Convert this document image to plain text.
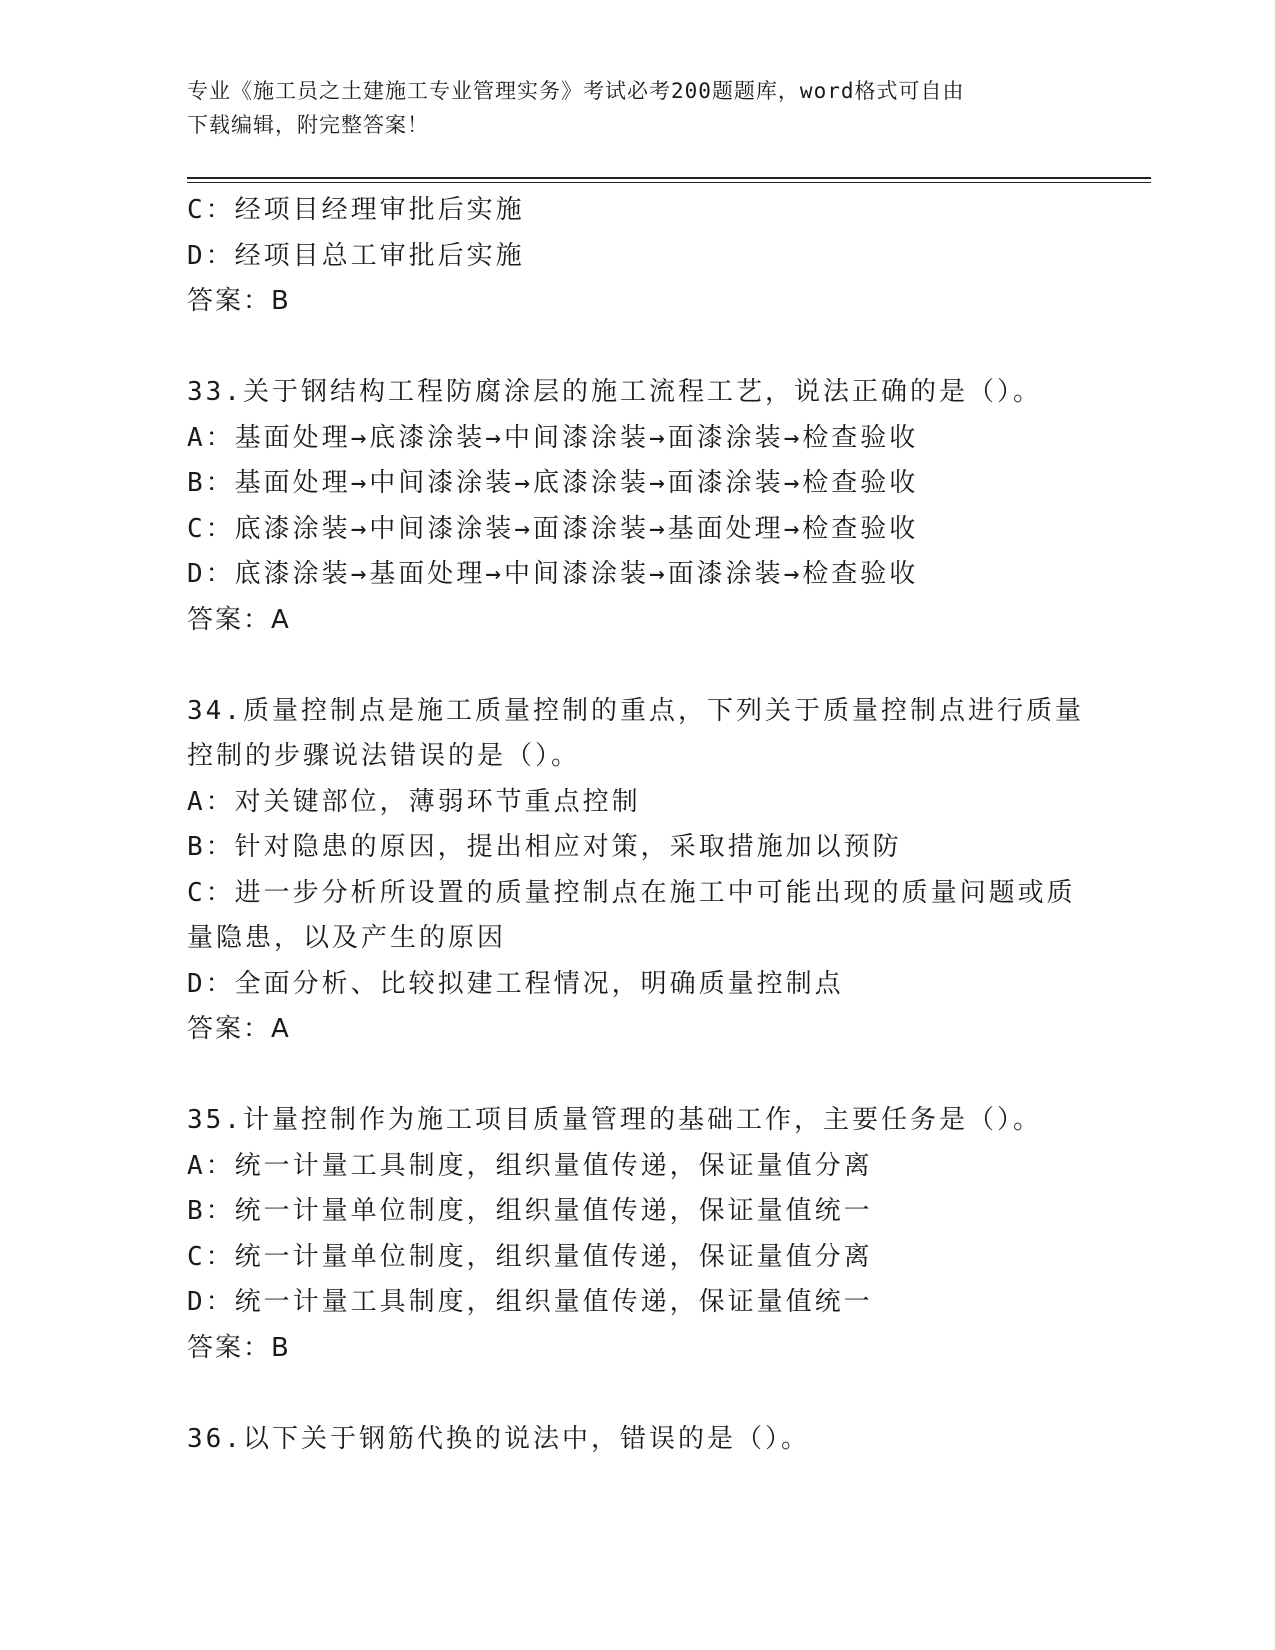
专业《施工员之土建施工专业管理实务》考试必考200题题库，word格式可自由
下载编辑，附完整答案！
C：经项目经理审批后实施
D：经项目总工审批后实施
答案：B
33.关于钢结构工程防腐涂层的施工流程工艺，说法正确的是（）。
A：基面处理→底漆涂装→中间漆涂装→面漆涂装→检查验收
B：基面处理→中间漆涂装→底漆涂装→面漆涂装→检查验收
C：底漆涂装→中间漆涂装→面漆涂装→基面处理→检查验收
D：底漆涂装→基面处理→中间漆涂装→面漆涂装→检查验收
答案：A
34.质量控制点是施工质量控制的重点，下列关于质量控制点进行质量
控制的步骤说法错误的是（）。
A：对关键部位，薄弱环节重点控制
B：针对隐患的原因，提出相应对策，采取措施加以预防
C：进一步分析所设置的质量控制点在施工中可能出现的质量问题或质
量隐患，以及产生的原因
D：全面分析、比较拟建工程情况，明确质量控制点
答案：A
35.计量控制作为施工项目质量管理的基础工作，主要任务是（）。
A：统一计量工具制度，组织量值传递，保证量值分离
B：统一计量单位制度，组织量值传递，保证量值统一
C：统一计量单位制度，组织量值传递，保证量值分离
D：统一计量工具制度，组织量值传递，保证量值统一
答案：B
36.以下关于钢筋代换的说法中，错误的是（）。
